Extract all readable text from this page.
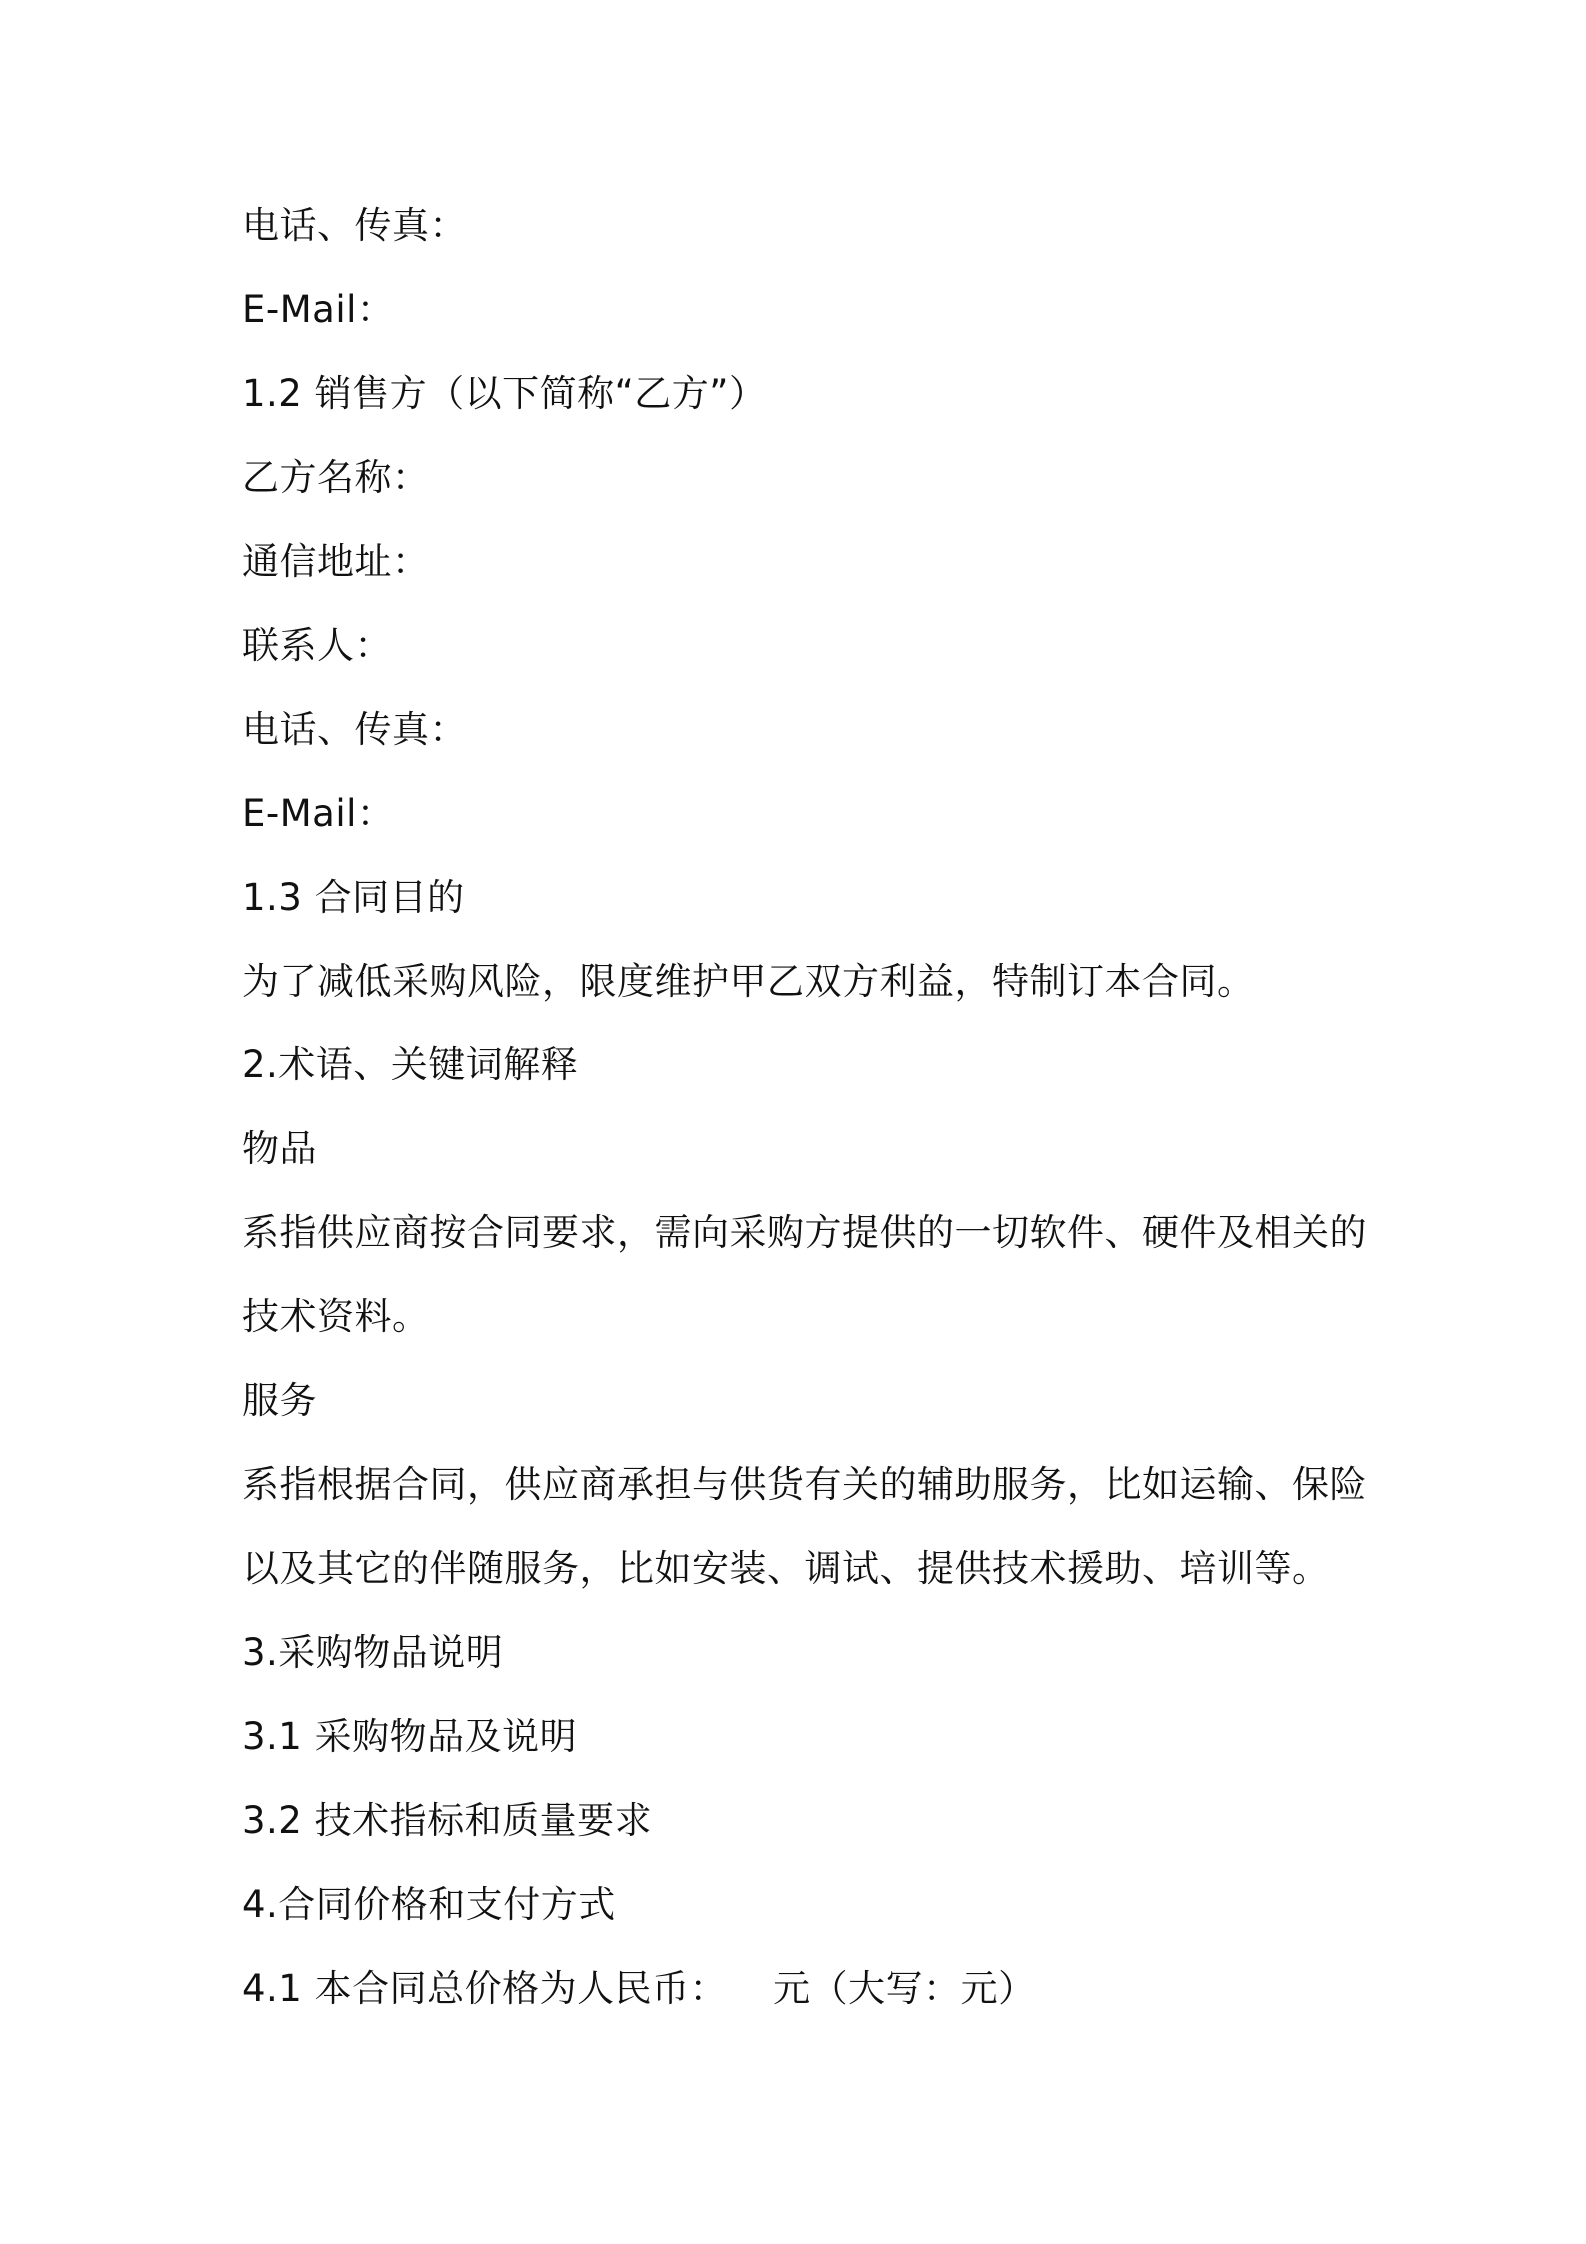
电话、传真：
E-Mail：
1.2 销售方（以下简称“乙方”）
乙方名称：
通信地址：
联系人：
电话、传真：
E-Mail：
1.3 合同目的
为了减低采购风险，限度维护甲乙双方利益，特制订本合同。
2.术语、关键词解释
物品
系指供应商按合同要求，需向采购方提供的一切软件、硬件及相关的
技术资料。
服务
系指根据合同，供应商承担与供货有关的辅助服务，比如运输、保险
以及其它的伴随服务，比如安装、调试、提供技术援助、培训等。
3.采购物品说明
3.1 采购物品及说明
3.2 技术指标和质量要求
4.合同价格和支付方式
4.1 本合同总价格为人民币： 元（大写：元）
